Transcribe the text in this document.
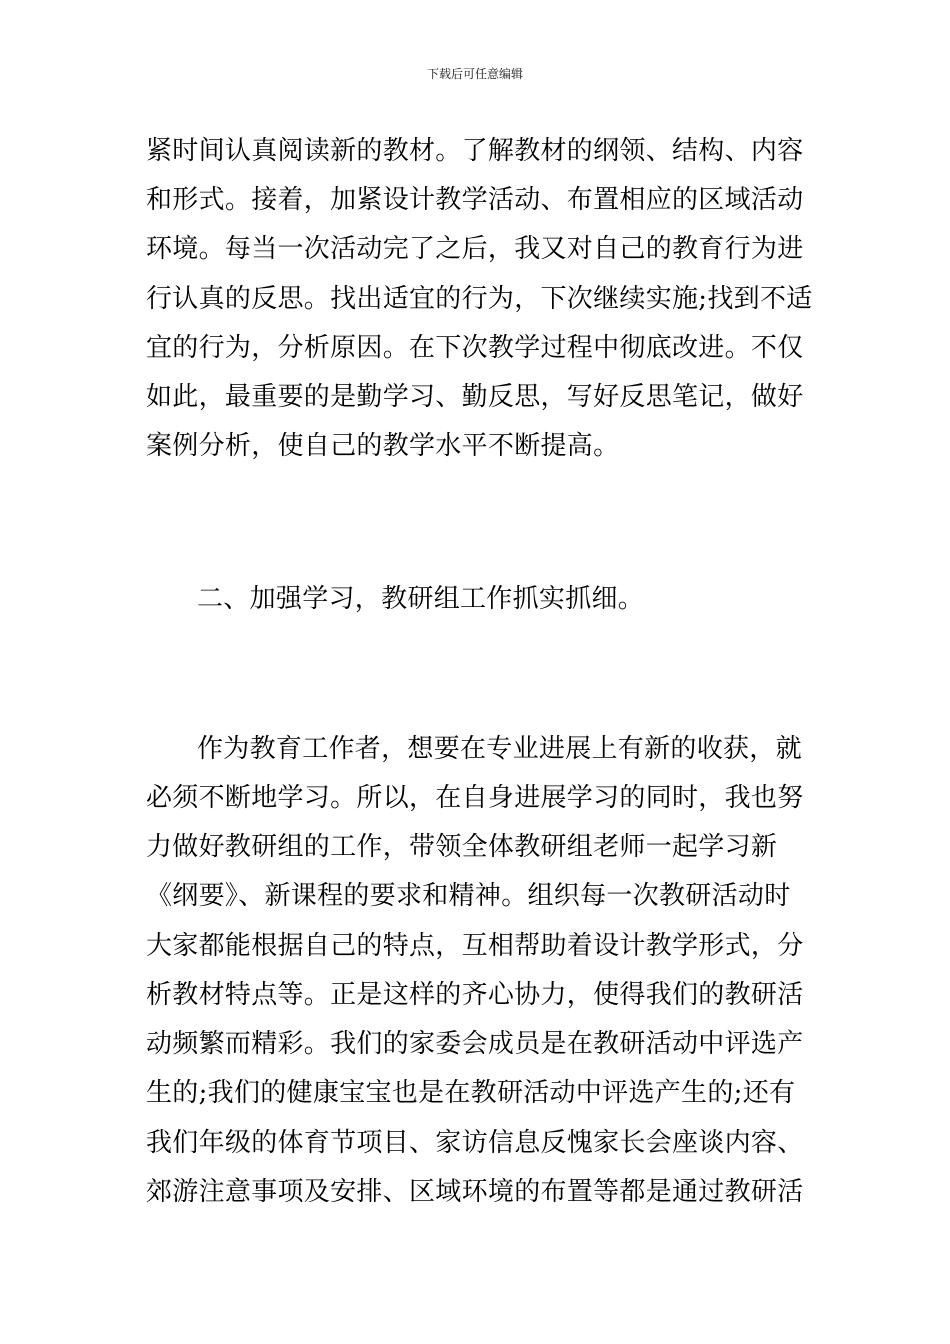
下载后可任意编辑
紧时间认真阅读新的教材。了解教材的纲领、结构、内容
和形式。接着，加紧设计教学活动、布置相应的区域活动
环境。每当一次活动完了之后，我又对自己的教育行为进
行认真的反思。找出适宜的行为，下次继续实施;找到不适
宜的行为，分析原因。在下次教学过程中彻底改进。不仅
如此，最重要的是勤学习、勤反思，写好反思笔记，做好
案例分析，使自己的教学水平不断提高。
二、加强学习，教研组工作抓实抓细。
作为教育工作者，想要在专业进展上有新的收获，就
必须不断地学习。所以，在自身进展学习的同时，我也努
力做好教研组的工作，带领全体教研组老师一起学习新
《纲要》、新课程的要求和精神。组织每一次教研活动时
大家都能根据自己的特点，互相帮助着设计教学形式，分
析教材特点等。正是这样的齐心协力，使得我们的教研活
动频繁而精彩。我们的家委会成员是在教研活动中评选产
生的;我们的健康宝宝也是在教研活动中评选产生的;还有
我们年级的体育节项目、家访信息反愧家长会座谈内容、
郊游注意事项及安排、区域环境的布置等都是通过教研活
